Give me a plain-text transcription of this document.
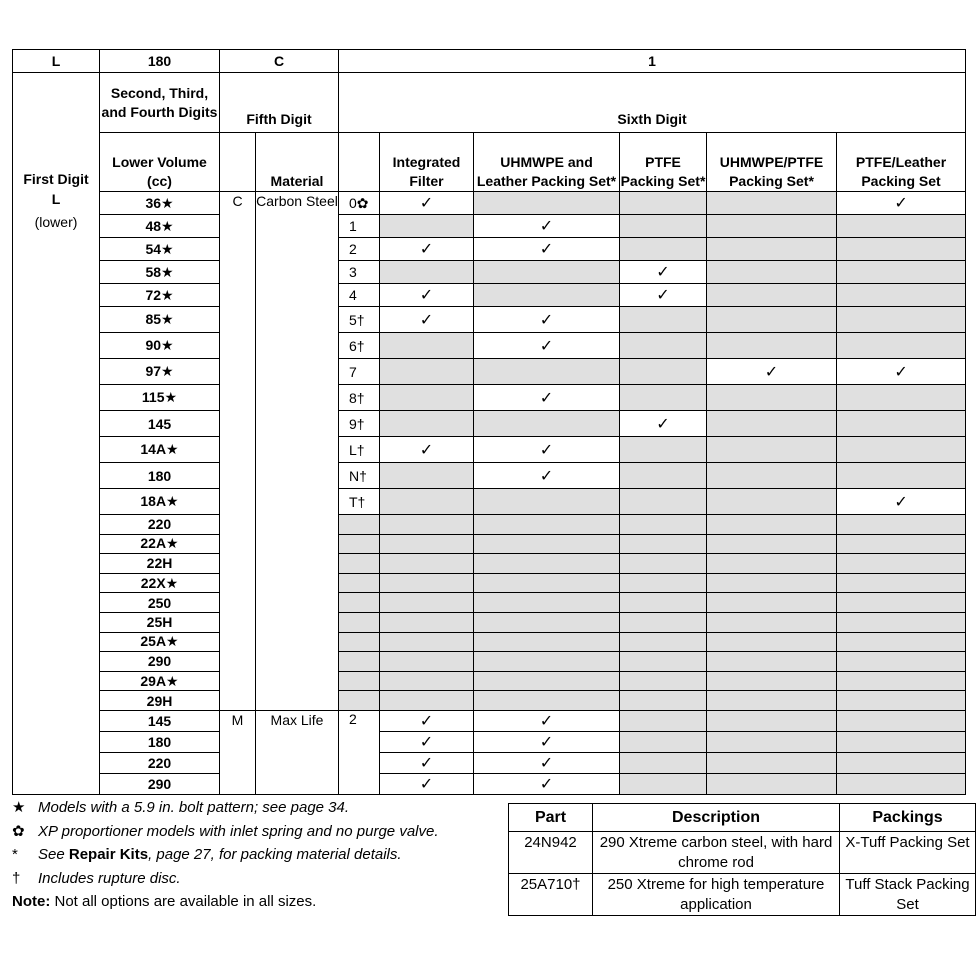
L	180	C		1					
First Digit	Second, Third, and Fourth Digits	Fifth Digit		Sixth Digit					
	Lower Volume (cc)		Material		Integrated Filter	UHMWPE and Leather Packing Set*	PTFE Packing Set*	UHMWPE/PTFE Packing Set*	PTFE/Leather Packing Set

L
(lower)	36★	C	Carbon Steel	0✿	✓				✓
	48★			1		✓			
	54★			2	✓	✓			
	58★			3			✓		
	72★			4	✓		✓		
	85★			5†	✓	✓			
	90★			6†		✓			
	97★			7				✓	✓
	115★			8†		✓			
	145			9†			✓		
	14A★			L†	✓	✓			
	180			N†		✓			
	18A★			T†					✓
	220								
	22A★								
	22H								
	22X★								
	250								
	25H								
	25A★								
	290								
	29A★								
	29H								
	145	M	Max Life	2	✓	✓			
	180				✓	✓			
	220				✓	✓			
	290				✓	✓			
★ Models with a 5.9 in. bolt pattern; see page 34.
✿ XP proportioner models with inlet spring and no purge valve.
* See Repair Kits, page 27, for packing material details.
† Includes rupture disc.
Note: Not all options are available in all sizes.
Part	Description	Packings
24N942	290 Xtreme carbon steel, with hard chrome rod	X-Tuff Packing Set
25A710†	250 Xtreme for high temperature application	Tuff Stack Packing Set
